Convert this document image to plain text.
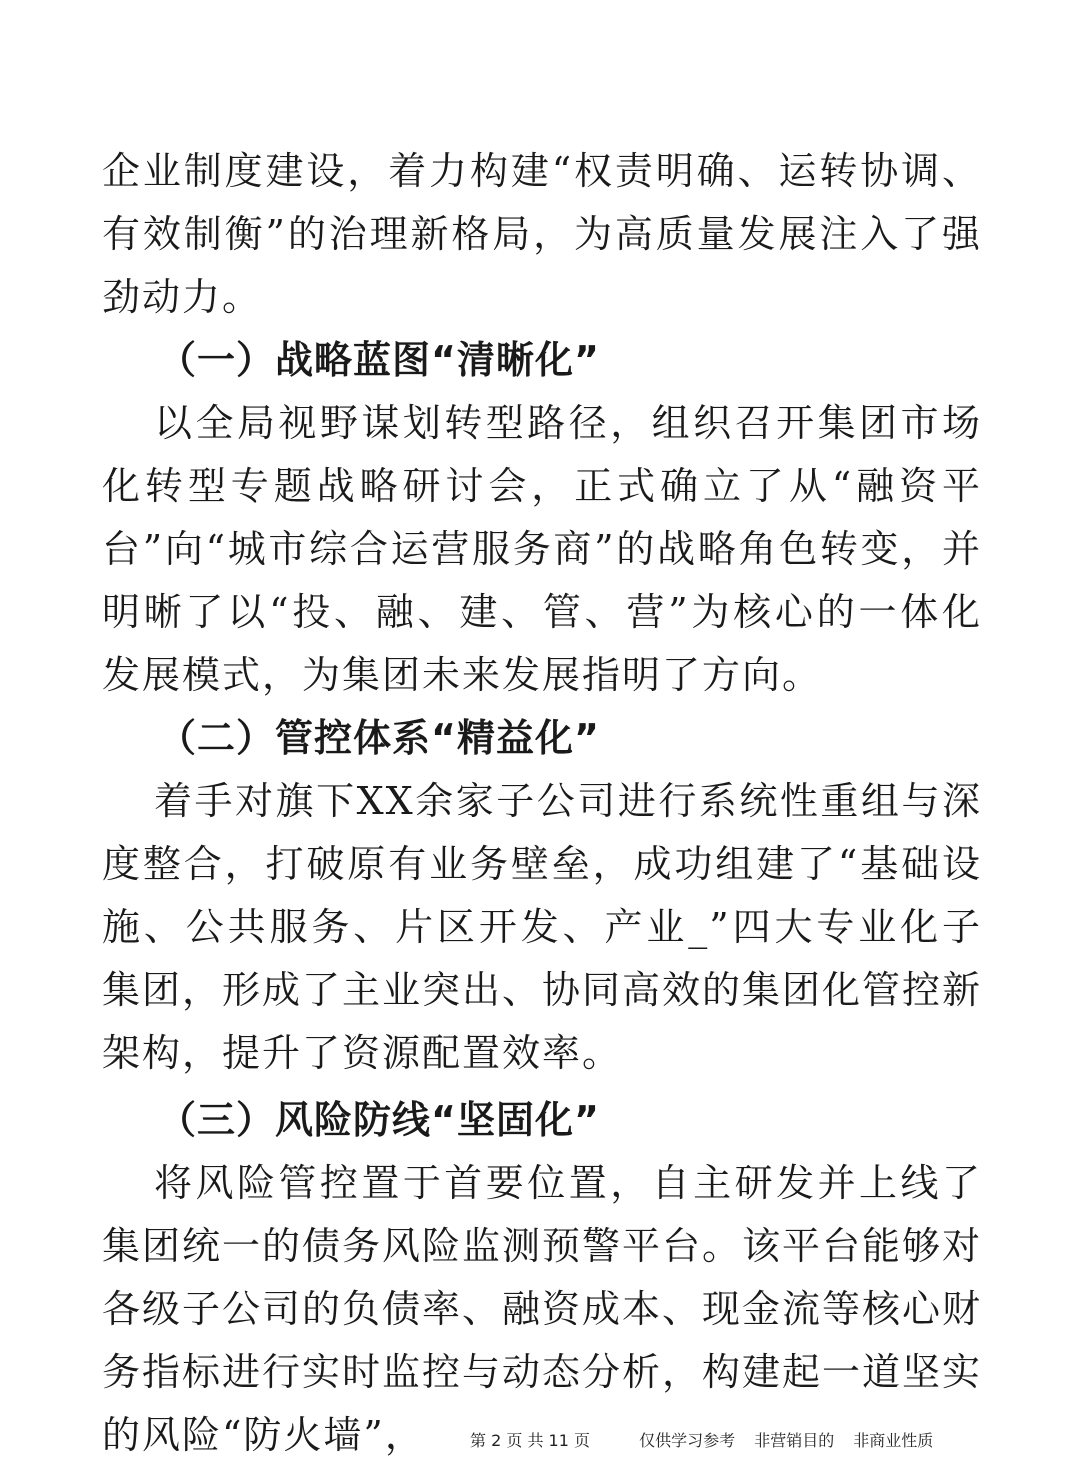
企业制度建设，着力构建“权责明确、运转协调、有效制衡”的治理新格局，为高质量发展注入了强劲动力。

（一）战略蓝图“清晰化”

以全局视野谋划转型路径，组织召开集团市场化转型专题战略研讨会，正式确立了从“融资平台”向“城市综合运营服务商”的战略角色转变，并明晰了以“投、融、建、管、营”为核心的一体化发展模式，为集团未来发展指明了方向。

（二）管控体系“精益化”

着手对旗下XX余家子公司进行系统性重组与深度整合，打破原有业务壁垒，成功组建了“基础设施、公共服务、片区开发、产业_”四大专业化子集团，形成了主业突出、协同高效的集团化管控新架构，提升了资源配置效率。

（三）风险防线“坚固化”

将风险管控置于首要位置，自主研发并上线了集团统一的债务风险监测预警平台。该平台能够对各级子公司的负债率、融资成本、现金流等核心财务指标进行实时监控与动态分析，构建起一道坚实的风险“防火墙”，	第 2 页 共 11 页	仅供学习参考 非营销目的 非商业性质
